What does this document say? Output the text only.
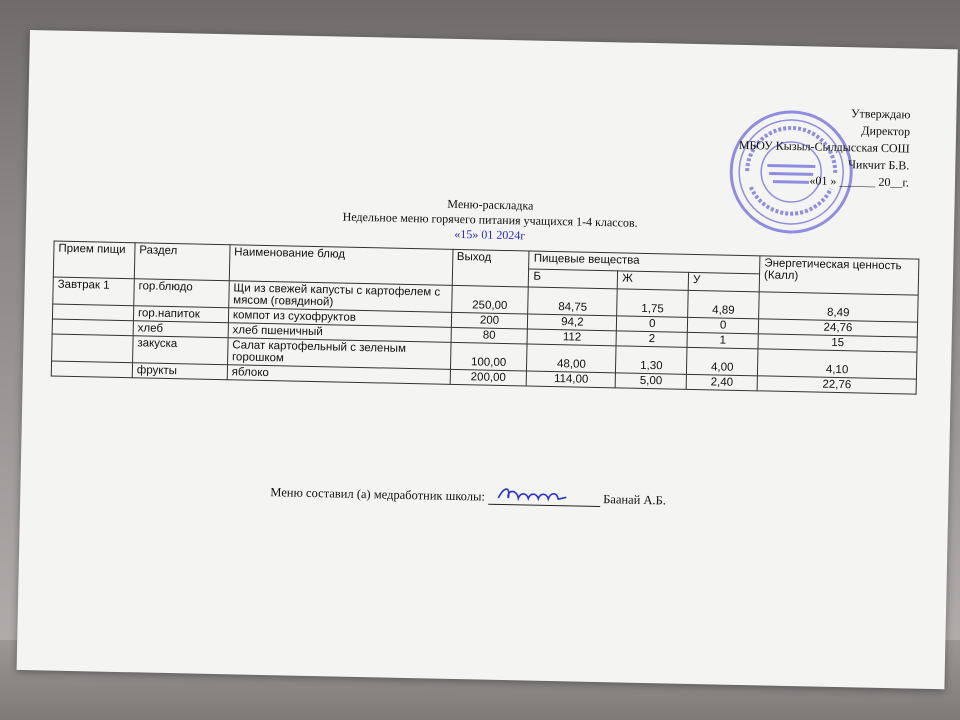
Утверждаю
Директор
МБОУ Кызыл-Сылдысская СОШ
Чикчит Б.В.
«01 » ______ 20__г.
Меню-раскладка
Недельное меню горячего питания учащихся 1-4 классов.
«15» 01 2024г
Прием пищи	Раздел	Наименование блюд	Выход	Пищевые вещества			Энергетическая ценность (Калл)
				Б	Ж	У	
Завтрак 1	гор.блюдо	Щи из свежей капусты с картофелем с мясом (говядиной)	250,00	84,75	1,75	4,89	8,49
	гор.напиток	компот из сухофруктов	200	94,2	0	0	24,76
	хлеб	хлеб пшеничный	80	112	2	1	15
	закуска	Салат картофельный с зеленым горошком	100,00	48,00	1,30	4,00	4,10
	фрукты	яблоко	200,00	114,00	5,00	2,40	22,76
Меню составил (а) медработник школы:	Баанай А.Б.
